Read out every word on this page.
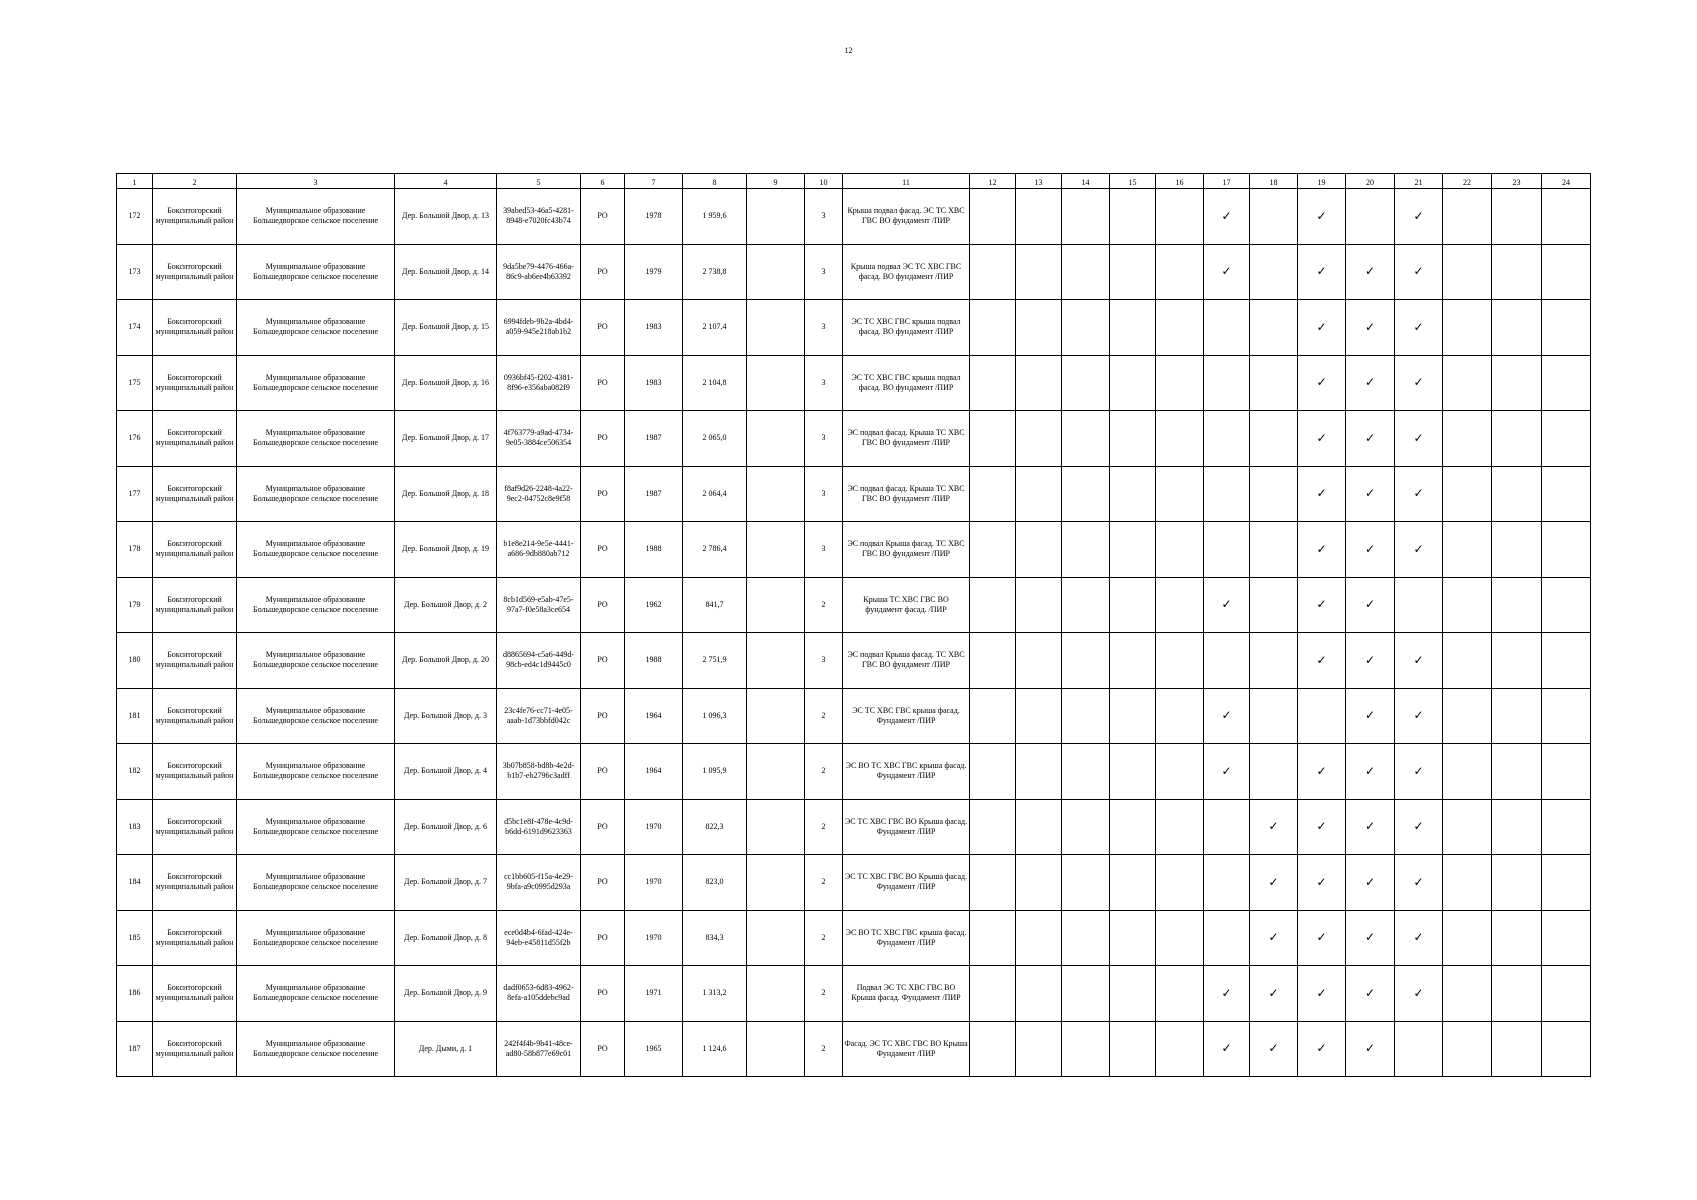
12
1	2	3	4	5	6	7	8	9	10	11	12	13	14	15	16	17	18	19	20	21	22	23	24
172	Бокситогорский муниципальный район	Муниципальное образование Большедворское сельское поселение	Дер. Большой Двор, д. 13	39abed53-46a5-4281-8948-e7020fc43b74	РО	1978	1 959,6		3	Крыша подвал фасад. ЭС ТС ХВС ГВС ВО фундамент /ПИР						✓		✓		✓			
173	Бокситогорский муниципальный район	Муниципальное образование Большедворское сельское поселение	Дер. Большой Двор, д. 14	9da5be79-4476-466a-86c9-ab6ee4b63392	РО	1979	2 738,8		3	Крыша подвал ЭС ТС ХВС ГВС фасад. ВО фундамент /ПИР						✓		✓	✓	✓			
174	Бокситогорский муниципальный район	Муниципальное образование Большедворское сельское поселение	Дер. Большой Двор, д. 15	6994fdeb-9b2a-4bd4-a059-945e218ab1b2	РО	1983	2 107,4		3	ЭС ТС ХВС ГВС крыша подвал фасад. ВО фундамент /ПИР								✓	✓	✓			
175	Бокситогорский муниципальный район	Муниципальное образование Большедворское сельское поселение	Дер. Большой Двор, д. 16	0936bf45-f202-4381-8f96-e356aba082f9	РО	1983	2 104,8		3	ЭС ТС ХВС ГВС крыша подвал фасад. ВО фундамент /ПИР								✓	✓	✓			
176	Бокситогорский муниципальный район	Муниципальное образование Большедворское сельское поселение	Дер. Большой Двор, д. 17	4f763779-a9ad-4734-9e05-3884ce506354	РО	1987	2 065,0		3	ЭС подвал фасад. Крыша ТС ХВС ГВС ВО фундамент /ПИР								✓	✓	✓			
177	Бокситогорский муниципальный район	Муниципальное образование Большедворское сельское поселение	Дер. Большой Двор, д. 18	f8af9d26-2248-4a22-9ec2-04752c8e9f58	РО	1987	2 064,4		3	ЭС подвал фасад. Крыша ТС ХВС ГВС ВО фундамент /ПИР								✓	✓	✓			
178	Бокситогорский муниципальный район	Муниципальное образование Большедворское сельское поселение	Дер. Большой Двор, д. 19	b1e8e214-9e5e-4441-a686-9db880ab712	РО	1988	2 786,4		3	ЭС подвал Крыша фасад. ТС ХВС ГВС ВО фундамент /ПИР								✓	✓	✓			
179	Бокситогорский муниципальный район	Муниципальное образование Большедворское сельское поселение	Дер. Большой Двор, д. 2	8cb1d569-e5ab-47e5-97a7-f0e58a3ce654	РО	1962	841,7		2	Крыша ТС ХВС ГВС ВО фундамент фасад. /ПИР						✓		✓	✓				
180	Бокситогорский муниципальный район	Муниципальное образование Большедворское сельское поселение	Дер. Большой Двор, д. 20	d8865694-c5a6-449d-98cb-ed4c1d9445c0	РО	1988	2 751,9		3	ЭС подвал Крыша фасад. ТС ХВС ГВС ВО фундамент /ПИР								✓	✓	✓			
181	Бокситогорский муниципальный район	Муниципальное образование Большедворское сельское поселение	Дер. Большой Двор, д. 3	23c4fe76-cc71-4e05-aaab-1d73bbfd042c	РО	1964	1 096,3		2	ЭС ТС ХВС ГВС крыша фасад. Фундамент /ПИР						✓			✓	✓			
182	Бокситогорский муниципальный район	Муниципальное образование Большедворское сельское поселение	Дер. Большой Двор, д. 4	3b07b858-bd8b-4e2d-b1b7-eb2796c3adff	РО	1964	1 095,9		2	ЭС ВО ТС ХВС ГВС крыша фасад. Фундамент /ПИР						✓		✓	✓	✓			
183	Бокситогорский муниципальный район	Муниципальное образование Большедворское сельское поселение	Дер. Большой Двор, д. 6	d5bc1e8f-478e-4c9d-b6dd-6191d9623363	РО	1970	822,3		2	ЭС ТС ХВС ГВС ВО Крыша фасад. Фундамент /ПИР							✓	✓	✓	✓			
184	Бокситогорский муниципальный район	Муниципальное образование Большедворское сельское поселение	Дер. Большой Двор, д. 7	cc1bb605-f15a-4e29-9bfa-a9c0995d293a	РО	1970	823,0		2	ЭС ТС ХВС ГВС ВО Крыша фасад. Фундамент /ПИР							✓	✓	✓	✓			
185	Бокситогорский муниципальный район	Муниципальное образование Большедворское сельское поселение	Дер. Большой Двор, д. 8	ece0d4b4-6fad-424e-94eb-e45811d55f2b	РО	1970	834,3		2	ЭС ВО ТС ХВС ГВС крыша фасад. Фундамент /ПИР							✓	✓	✓	✓			
186	Бокситогорский муниципальный район	Муниципальное образование Большедворское сельское поселение	Дер. Большой Двор, д. 9	dadf0653-6d83-4962-8efa-a105ddebc9ad	РО	1971	1 313,2		2	Подвал ЭС ТС ХВС ГВС ВО Крыша фасад. Фундамент /ПИР						✓	✓	✓	✓	✓			
187	Бокситогорский муниципальный район	Муниципальное образование Большедворское сельское поселение	Дер. Дыми, д. 1	242f4f4b-9b41-48ce-ad80-58b877e69c01	РО	1965	1 124,6		2	Фасад. ЭС ТС ХВС ГВС ВО Крыша Фундамент /ПИР						✓	✓	✓	✓				
